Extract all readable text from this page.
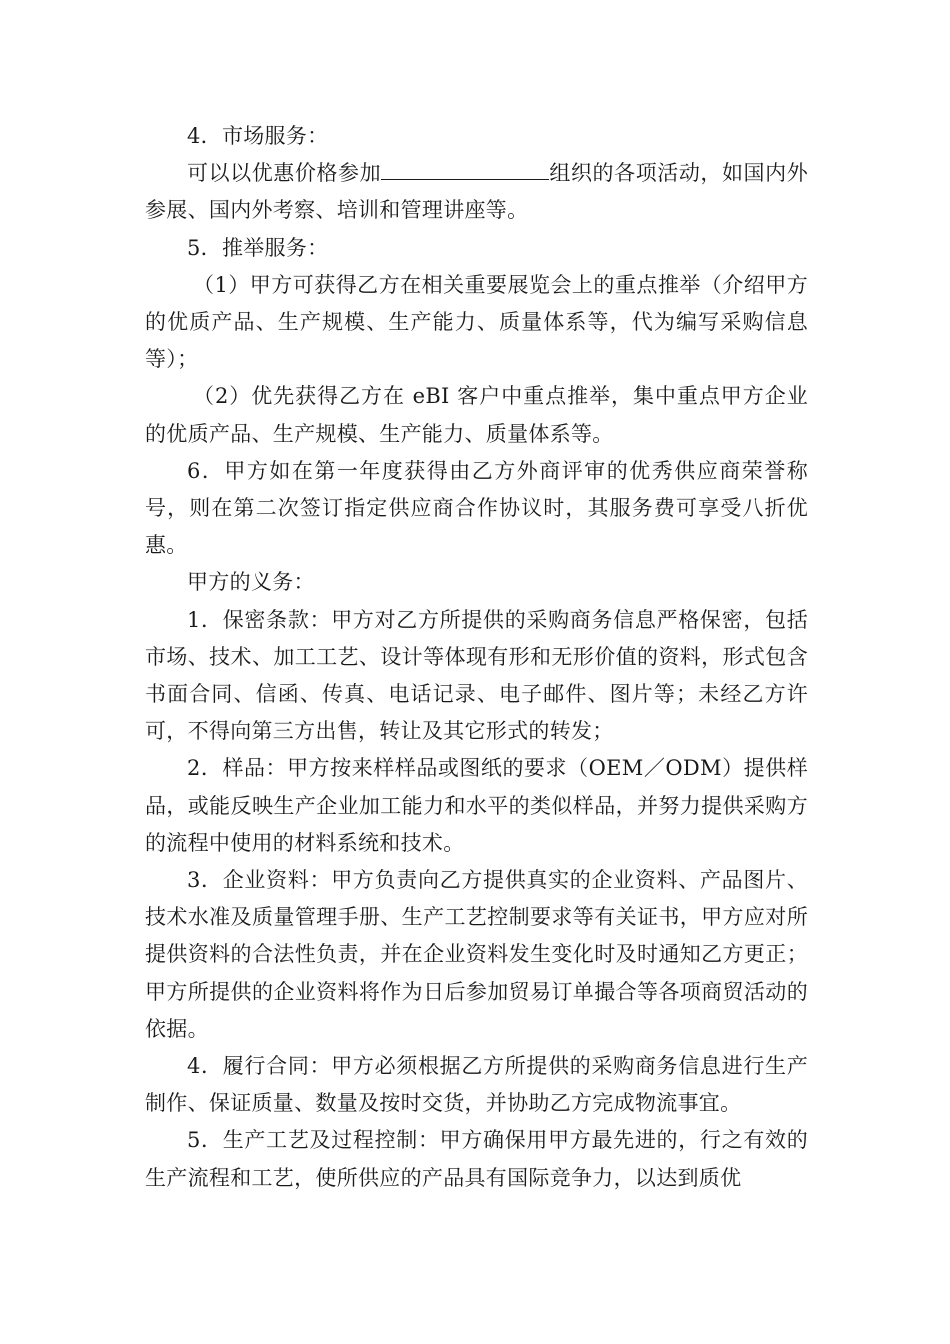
4．市场服务：

可以以优惠价格参加	组织的各项活动，如国内外参展、国内外考察、培训和管理讲座等。

5．推举服务：

（1）甲方可获得乙方在相关重要展览会上的重点推举（介绍甲方的优质产品、生产规模、生产能力、质量体系等，代为编写采购信息等）；

（2）优先获得乙方在 eBI 客户中重点推举，集中重点甲方企业的优质产品、生产规模、生产能力、质量体系等。

6．甲方如在第一年度获得由乙方外商评审的优秀供应商荣誉称号，则在第二次签订指定供应商合作协议时，其服务费可享受八折优惠。

甲方的义务：

1．保密条款：甲方对乙方所提供的采购商务信息严格保密，包括市场、技术、加工工艺、设计等体现有形和无形价值的资料，形式包含书面合同、信函、传真、电话记录、电子邮件、图片等；未经乙方许可，不得向第三方出售，转让及其它形式的转发；

2．样品：甲方按来样样品或图纸的要求（OEM／ODM）提供样品，或能反映生产企业加工能力和水平的类似样品，并努力提供采购方的流程中使用的材料系统和技术。

3．企业资料：甲方负责向乙方提供真实的企业资料、产品图片、技术水准及质量管理手册、生产工艺控制要求等有关证书，甲方应对所提供资料的合法性负责，并在企业资料发生变化时及时通知乙方更正；甲方所提供的企业资料将作为日后参加贸易订单撮合等各项商贸活动的依据。

4．履行合同：甲方必须根据乙方所提供的采购商务信息进行生产制作、保证质量、数量及按时交货，并协助乙方完成物流事宜。

5．生产工艺及过程控制：甲方确保用甲方最先进的，行之有效的生产流程和工艺，使所供应的产品具有国际竞争力，以达到质优
